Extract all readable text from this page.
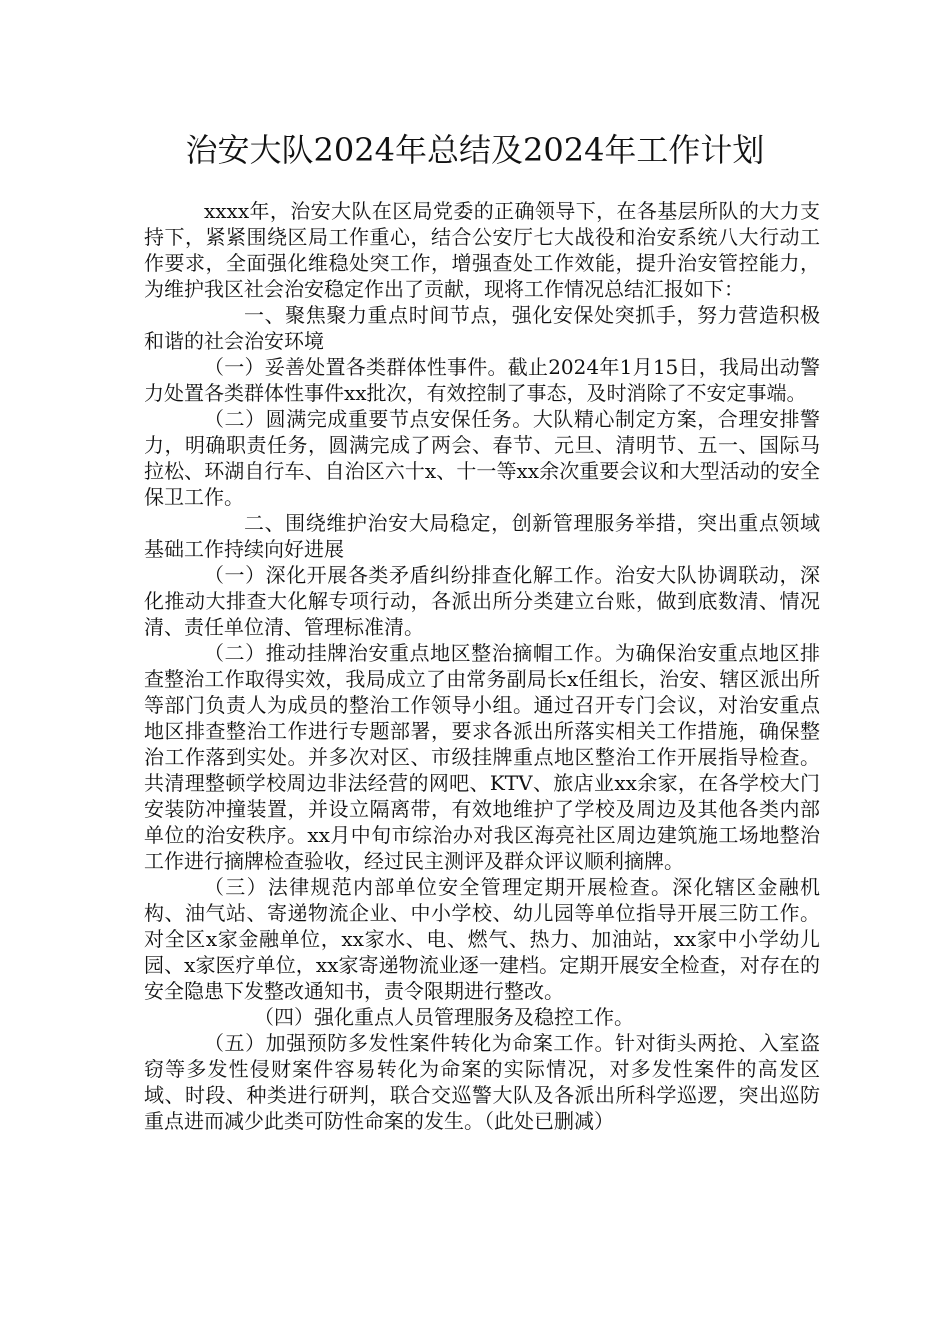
治安大队2024年总结及2024年工作计划

xxxx年，治安大队在区局党委的正确领导下，在各基层所队的大力支持下，紧紧围绕区局工作重心，结合公安厅七大战役和治安系统八大行动工作要求，全面强化维稳处突工作，增强查处工作效能，提升治安管控能力，为维护我区社会治安稳定作出了贡献，现将工作情况总结汇报如下：

一、聚焦聚力重点时间节点，强化安保处突抓手，努力营造积极和谐的社会治安环境

（一）妥善处置各类群体性事件。截止2024年1月15日，我局出动警力处置各类群体性事件xx批次，有效控制了事态，及时消除了不安定事端。

（二）圆满完成重要节点安保任务。大队精心制定方案，合理安排警力，明确职责任务，圆满完成了两会、春节、元旦、清明节、五一、国际马拉松、环湖自行车、自治区六十x、十一等xx余次重要会议和大型活动的安全保卫工作。

二、围绕维护治安大局稳定，创新管理服务举措，突出重点领域基础工作持续向好进展

（一）深化开展各类矛盾纠纷排查化解工作。治安大队协调联动，深化推动大排查大化解专项行动，各派出所分类建立台账，做到底数清、情况清、责任单位清、管理标准清。

（二）推动挂牌治安重点地区整治摘帽工作。为确保治安重点地区排查整治工作取得实效，我局成立了由常务副局长x任组长，治安、辖区派出所等部门负责人为成员的整治工作领导小组。通过召开专门会议，对治安重点地区排查整治工作进行专题部署，要求各派出所落实相关工作措施，确保整治工作落到实处。并多次对区、市级挂牌重点地区整治工作开展指导检查。共清理整顿学校周边非法经营的网吧、KTV、旅店业xx余家，在各学校大门安装防冲撞装置，并设立隔离带，有效地维护了学校及周边及其他各类内部单位的治安秩序。xx月中旬市综治办对我区海亮社区周边建筑施工场地整治工作进行摘牌检查验收，经过民主测评及群众评议顺利摘牌。

（三）法律规范内部单位安全管理定期开展检查。深化辖区金融机构、油气站、寄递物流企业、中小学校、幼儿园等单位指导开展三防工作。对全区x家金融单位，xx家水、电、燃气、热力、加油站，xx家中小学幼儿园、x家医疗单位，xx家寄递物流业逐一建档。定期开展安全检查，对存在的安全隐患下发整改通知书，责令限期进行整改。

（四）强化重点人员管理服务及稳控工作。

（五）加强预防多发性案件转化为命案工作。针对街头两抢、入室盗窃等多发性侵财案件容易转化为命案的实际情况，对多发性案件的高发区域、时段、种类进行研判，联合交巡警大队及各派出所科学巡逻，突出巡防重点进而减少此类可防性命案的发生。（此处已删减）
